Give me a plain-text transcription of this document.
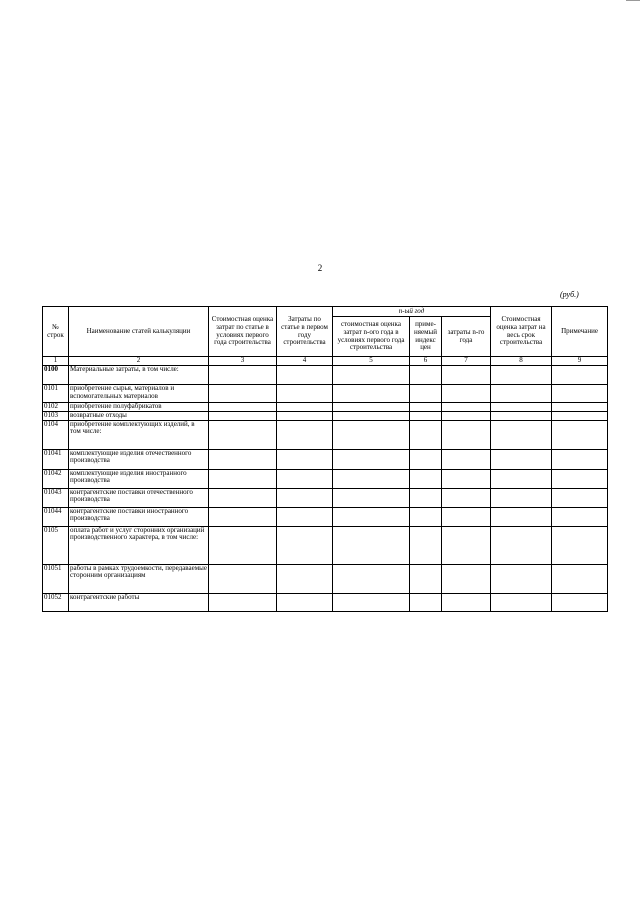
2
(руб.)
№ строк	Наименование статей калькуляции	Стоимостная оценка затрат по статье в условиях первого года строительства	Затраты по статье в первом году строительства	n-ый год			Стоимостная оценка затрат на весь срок строительства	Примечание
				стоимостная оценка затрат n-ого года в условиях первого года строительства	приме-няемый индекс цен	затраты n-го года		
1	2	3	4	5	6	7	8	9
0100	Материальные затраты, в том числе:							
0101	приобретение сырья, материалов и вспомогательных материалов							
0102	приобретение полуфабрикатов							
0103	возвратные отходы							
0104	приобретение комплектующих изделий, в том числе:							
01041	комплектующие изделия отечественного производства							
01042	комплектующие изделия иностранного производства							
01043	контрагентские поставки отечественного производства							
01044	контрагентские поставки иностранного производства							
0105	оплата работ и услуг сторонних организаций производственного характера, в том числе:							
01051	работы в рамках трудоемкости, передаваемые сторонним организациям							
01052	контрагентские работы							
